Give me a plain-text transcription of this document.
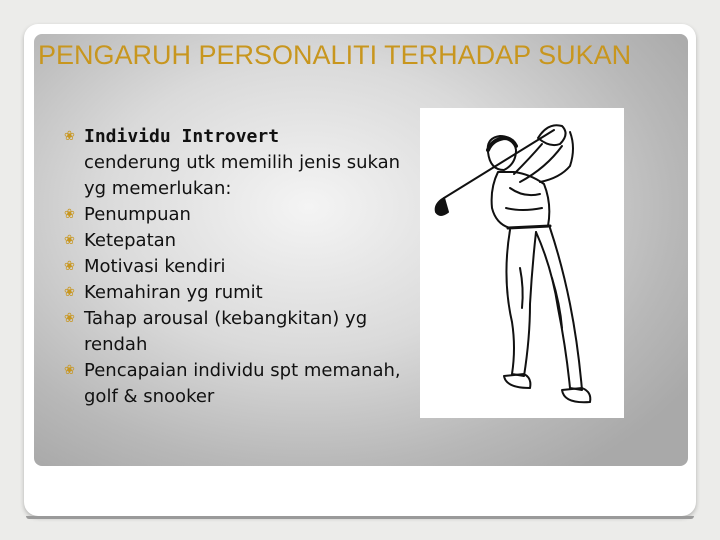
PENGARUH PERSONALITI TERHADAP SUKAN
❀ Individu Introvert
cenderung utk memilih jenis sukan yg memerlukan:
❀ Penumpuan
❀ Ketepatan
❀ Motivasi kendiri
❀ Kemahiran yg rumit
❀ Tahap arousal (kebangkitan) yg rendah
❀ Pencapaian individu spt memanah, golf & snooker
